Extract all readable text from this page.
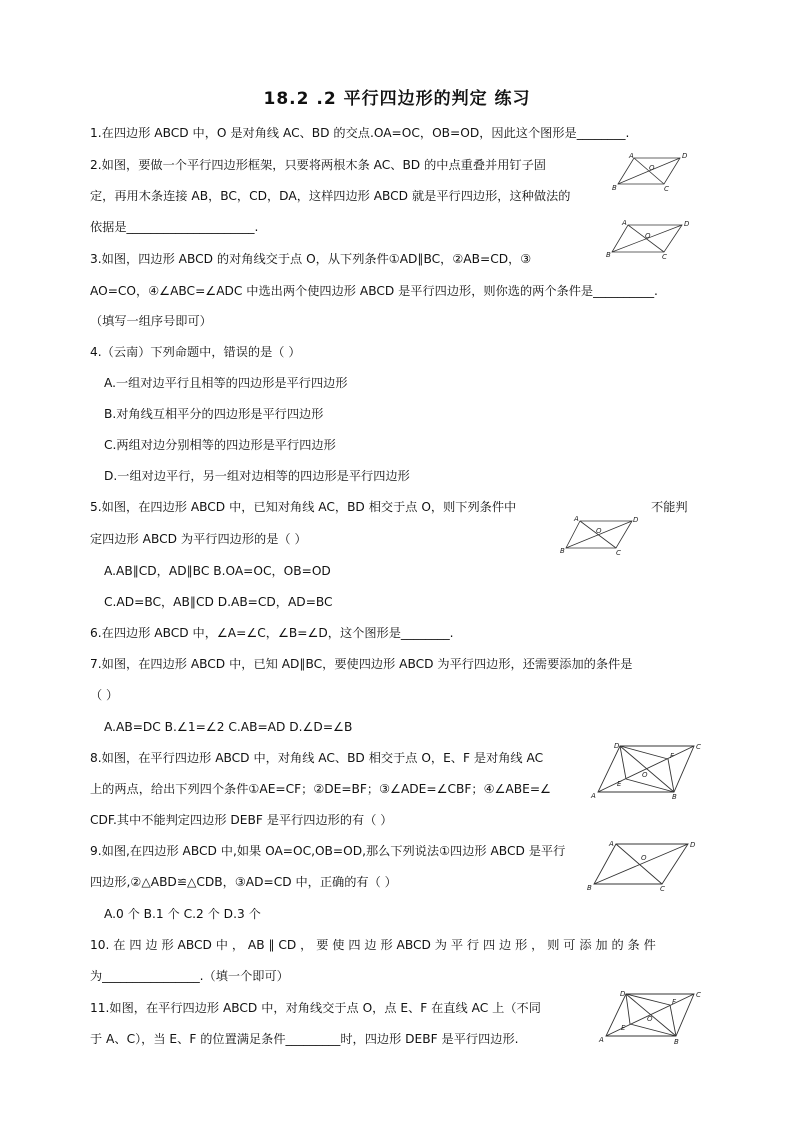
18.2 .2 平行四边形的判定 练习
1.在四边形 ABCD 中，O 是对角线 AC、BD 的交点.OA=OC，OB=OD，因此这个图形是________.
2.如图，要做一个平行四边形框架，只要将两根木条 AC、BD 的中点重叠并用钉子固
定，再用木条连接 AB，BC，CD，DA，这样四边形 ABCD 就是平行四边形，这种做法的
依据是_____________________.
3.如图，四边形 ABCD 的对角线交于点 O，从下列条件①AD∥BC，②AB=CD，③
AO=CO，④∠ABC=∠ADC 中选出两个使四边形 ABCD 是平行四边形，则你选的两个条件是__________.
（填写一组序号即可）
4.（云南）下列命题中，错误的是（ ）
A.一组对边平行且相等的四边形是平行四边形
B.对角线互相平分的四边形是平行四边形
C.两组对边分别相等的四边形是平行四边形
D.一组对边平行，另一组对边相等的四边形是平行四边形
5.如图，在四边形 ABCD 中，已知对角线 AC，BD 相交于点 O，则下列条件中	不能判
定四边形 ABCD 为平行四边形的是（ ）
A.AB∥CD，AD∥BC B.OA=OC，OB=OD
C.AD=BC，AB∥CD D.AB=CD，AD=BC
6.在四边形 ABCD 中，∠A=∠C，∠B=∠D，这个图形是________.
7.如图，在四边形 ABCD 中，已知 AD∥BC，要使四边形 ABCD 为平行四边形，还需要添加的条件是
（ ）
A.AB=DC B.∠1=∠2 C.AB=AD D.∠D=∠B
8.如图，在平行四边形 ABCD 中，对角线 AC、BD 相交于点 O，E、F 是对角线 AC
上的两点，给出下列四个条件①AE=CF；②DE=BF；③∠ADE=∠CBF；④∠ABE=∠
CDF.其中不能判定四边形 DEBF 是平行四边形的有（ ）
9.如图,在四边形 ABCD 中,如果 OA=OC,OB=OD,那么下列说法①四边形 ABCD 是平行
四边形,②△ABD≌△CDB，③AD=CD 中，正确的有（ ）
A.0 个 B.1 个 C.2 个 D.3 个
10. 在 四 边 形 ABCD 中 ， AB ∥ CD ， 要 使 四 边 形 ABCD 为 平 行 四 边 形 ， 则 可 添 加 的 条 件
为________________.（填一个即可）
11.如图，在平行四边形 ABCD 中，对角线交于点 O，点 E、F 在直线 AC 上（不同
于 A、C），当 E、F 的位置满足条件_________时，四边形 DEBF 是平行四边形.
A	D
B	C
O
A	D
B	C
O
A	D
B	C
O
D	C
A	B
E
F
O
A	D
B	C
O
D	C
A	B
E
F
O
